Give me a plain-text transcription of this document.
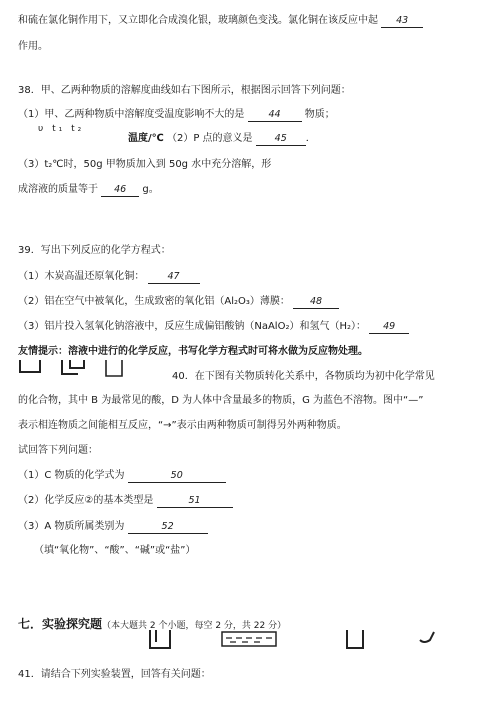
和硫在氯化铜作用下，又立即化合成溴化银，玻璃颜色变浅。氯化铜在该反应中起 43
作用。
38．甲、乙两种物质的溶解度曲线如右下图所示，根据图示回答下列问题：
（1）甲、乙两种物质中溶解度受温度影响不大的是	44 物质；
υ t₁ t₂
温度/℃ （2）P 点的意义是 45 ．
（3）t₂℃时，50g 甲物质加入到 50g 水中充分溶解，形
成溶液的质量等于 46 g。
39．写出下列反应的化学方程式：
（1）木炭高温还原氧化铜： 47
（2）铝在空气中被氧化，生成致密的氧化铝（Al₂O₃）薄膜： 48
（3）铝片投入氢氧化钠溶液中，反应生成偏铝酸钠（NaAlO₂）和氢气（H₂）： 49
友情提示：溶液中进行的化学反应，书写化学方程式时可将水做为反应物处理。
40．在下图有关物质转化关系中，各物质均为初中化学常见
的化合物，其中 B 为最常见的酸，D 为人体中含量最多的物质，G 为蓝色不溶物。图中“—”
表示相连物质之间能相互反应，“→”表示由两种物质可制得另外两种物质。
试回答下列问题：
（1）C 物质的化学式为	50
（2）化学反应②的基本类型是	51
（3）A 物质所属类别为	52
（填“氧化物”、“酸”、“碱”或“盐”）
七．实验探究题（本大题共 2 个小题，每空 2 分，共 22 分）
41．请结合下列实验装置，回答有关问题：
